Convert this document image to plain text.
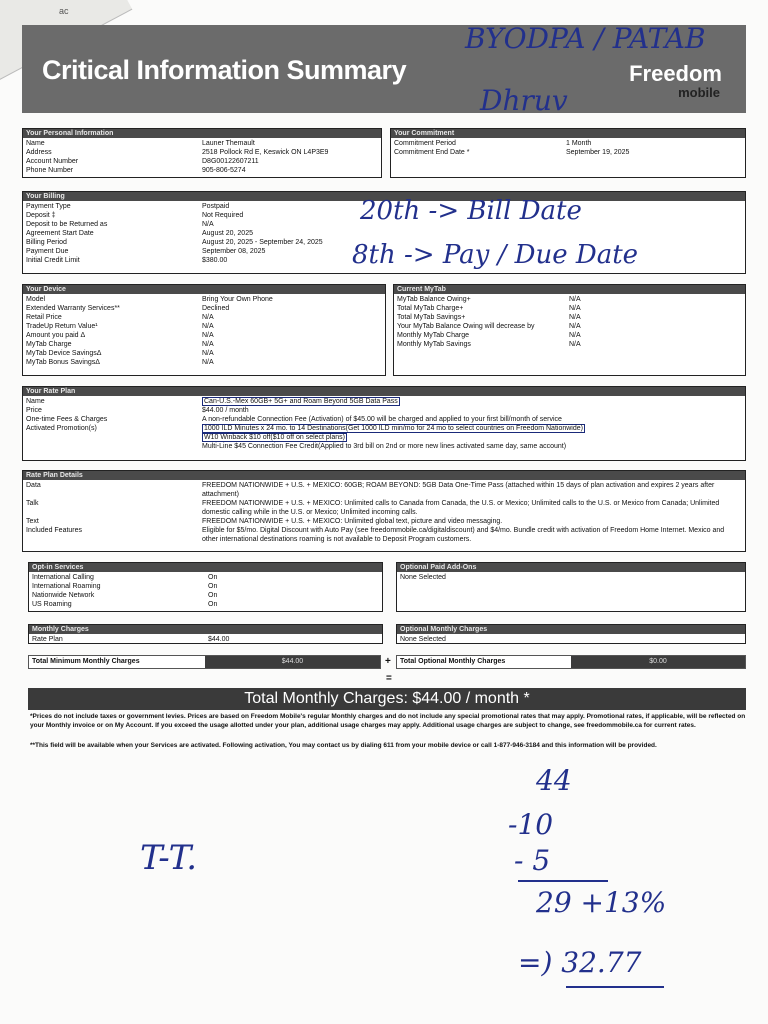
ac
Critical Information Summary	Freedom
mobile
Your Personal Information
Name	Launer Themault
Address	2518 Pollock Rd E, Keswick ON L4P3E9
Account Number	D8G00122607211
Phone Number	905-806-5274
Your Commitment
Commitment Period	1 Month
Commitment End Date *	September 19, 2025
Your Billing
Payment Type	Postpaid
Deposit ‡	Not Required
Deposit to be Returned as	N/A
Agreement Start Date	August 20, 2025
Billing Period	August 20, 2025 - September 24, 2025
Payment Due	September 08, 2025
Initial Credit Limit	$380.00
Your Device
Model	Bring Your Own Phone
Extended Warranty Services**	Declined
Retail Price	N/A
TradeUp Return Value¹	N/A
Amount you paid Δ	N/A
MyTab Charge	N/A
MyTab Device SavingsΔ	N/A
MyTab Bonus SavingsΔ	N/A
Current MyTab
MyTab Balance Owing+	N/A
Total MyTab Charge+	N/A
Total MyTab Savings+	N/A
Your MyTab Balance Owing will decrease by	N/A
Monthly MyTab Charge	N/A
Monthly MyTab Savings	N/A
Your Rate Plan
Name	Can-U.S.-Mex 60GB+ 5G+ and Roam Beyond 5GB Data Pass
Price	$44.00 / month
One-time Fees & Charges	A non-refundable Connection Fee (Activation) of $45.00 will be charged and applied to your first bill/month of service
Activated Promotion(s)	1000 ILD Minutes x 24 mo. to 14 Destinations(Get 1000 ILD min/mo for 24 mo to select countries on Freedom Nationwide)
W10 Winback $10 off($10 off on select plans)
Multi-Line $45 Connection Fee Credit(Applied to 3rd bill on 2nd or more new lines activated same day, same account)
Rate Plan Details
Data	FREEDOM NATIONWIDE + U.S. + MEXICO: 60GB; ROAM BEYOND: 5GB Data One-Time Pass (attached within 15 days of plan activation and expires 2 years after attachment)
Talk	FREEDOM NATIONWIDE + U.S. + MEXICO: Unlimited calls to Canada from Canada, the U.S. or Mexico; Unlimited calls to the U.S. or Mexico from Canada; Unlimited domestic calling while in the U.S. or Mexico; Unlimited incoming calls.
Text	FREEDOM NATIONWIDE + U.S. + MEXICO: Unlimited global text, picture and video messaging.
Included Features	Eligible for $5/mo. Digital Discount with Auto Pay (see freedommobile.ca/digitaldiscount) and $4/mo. Bundle credit with activation of Freedom Home Internet. Mexico and other international destinations roaming is not available to Deposit Program customers.
Opt-in Services
International Calling	On
International Roaming	On
Nationwide Network	On
US Roaming	On
Optional Paid Add-Ons
None Selected
Monthly Charges
Rate Plan	$44.00
Optional Monthly Charges
None Selected
Total Minimum Monthly Charges	$44.00	+	Total Optional Monthly Charges	$0.00
=
Total Monthly Charges: $44.00 / month *
*Prices do not include taxes or government levies. Prices are based on Freedom Mobile's regular Monthly charges and do not include any special promotional rates that may apply. Promotional rates, if applicable, will be reflected on your Monthly invoice or on My Account. If you exceed the usage allotted under your plan, additional usage charges may apply. Additional usage charges are subject to change, see freedommobile.ca for current rates.
**This field will be available when your Services are activated. Following activation, You may contact us by dialing 611 from your mobile device or call 1-877-946-3184 and this information will be provided.
BYODPA / PATAB
Dhruv
20th -> Bill Date
8th -> Pay / Due Date
T-T.
44
-10
- 5
29 +13%
=) 32.77
